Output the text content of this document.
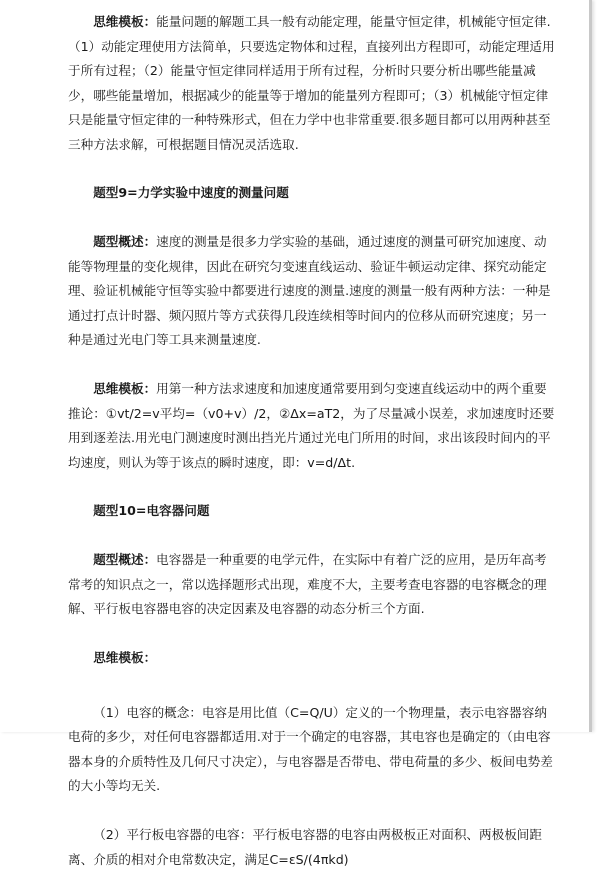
思维模板：能量问题的解题工具一般有动能定理，能量守恒定律，机械能守恒定律.（1）动能定理使用方法简单，只要选定物体和过程，直接列出方程即可，动能定理适用于所有过程；（2）能量守恒定律同样适用于所有过程，分析时只要分析出哪些能量减少，哪些能量增加，根据减少的能量等于增加的能量列方程即可；（3）机械能守恒定律只是能量守恒定律的一种特殊形式，但在力学中也非常重要.很多题目都可以用两种甚至三种方法求解，可根据题目情况灵活选取.

题型9=力学实验中速度的测量问题

题型概述：速度的测量是很多力学实验的基础，通过速度的测量可研究加速度、动能等物理量的变化规律，因此在研究匀变速直线运动、验证牛顿运动定律、探究动能定理、验证机械能守恒等实验中都要进行速度的测量.速度的测量一般有两种方法：一种是通过打点计时器、频闪照片等方式获得几段连续相等时间内的位移从而研究速度；另一种是通过光电门等工具来测量速度.

思维模板：用第一种方法求速度和加速度通常要用到匀变速直线运动中的两个重要推论：①vt/2=v平均=（v0+v）/2，②Δx=aT2，为了尽量减小误差，求加速度时还要用到逐差法.用光电门测速度时测出挡光片通过光电门所用的时间，求出该段时间内的平均速度，则认为等于该点的瞬时速度，即：v=d/Δt.

题型10=电容器问题

题型概述：电容器是一种重要的电学元件，在实际中有着广泛的应用，是历年高考常考的知识点之一，常以选择题形式出现，难度不大，主要考查电容器的电容概念的理解、平行板电容器电容的决定因素及电容器的动态分析三个方面.

思维模板：

（1）电容的概念：电容是用比值（C=Q/U）定义的一个物理量，表示电容器容纳电荷的多少，对任何电容器都适用.对于一个确定的电容器，其电容也是确定的（由电容器本身的介质特性及几何尺寸决定），与电容器是否带电、带电荷量的多少、板间电势差的大小等均无关.

（2）平行板电容器的电容：平行板电容器的电容由两极板正对面积、两极板间距离、介质的相对介电常数决定，满足C=εS/(4πkd)
